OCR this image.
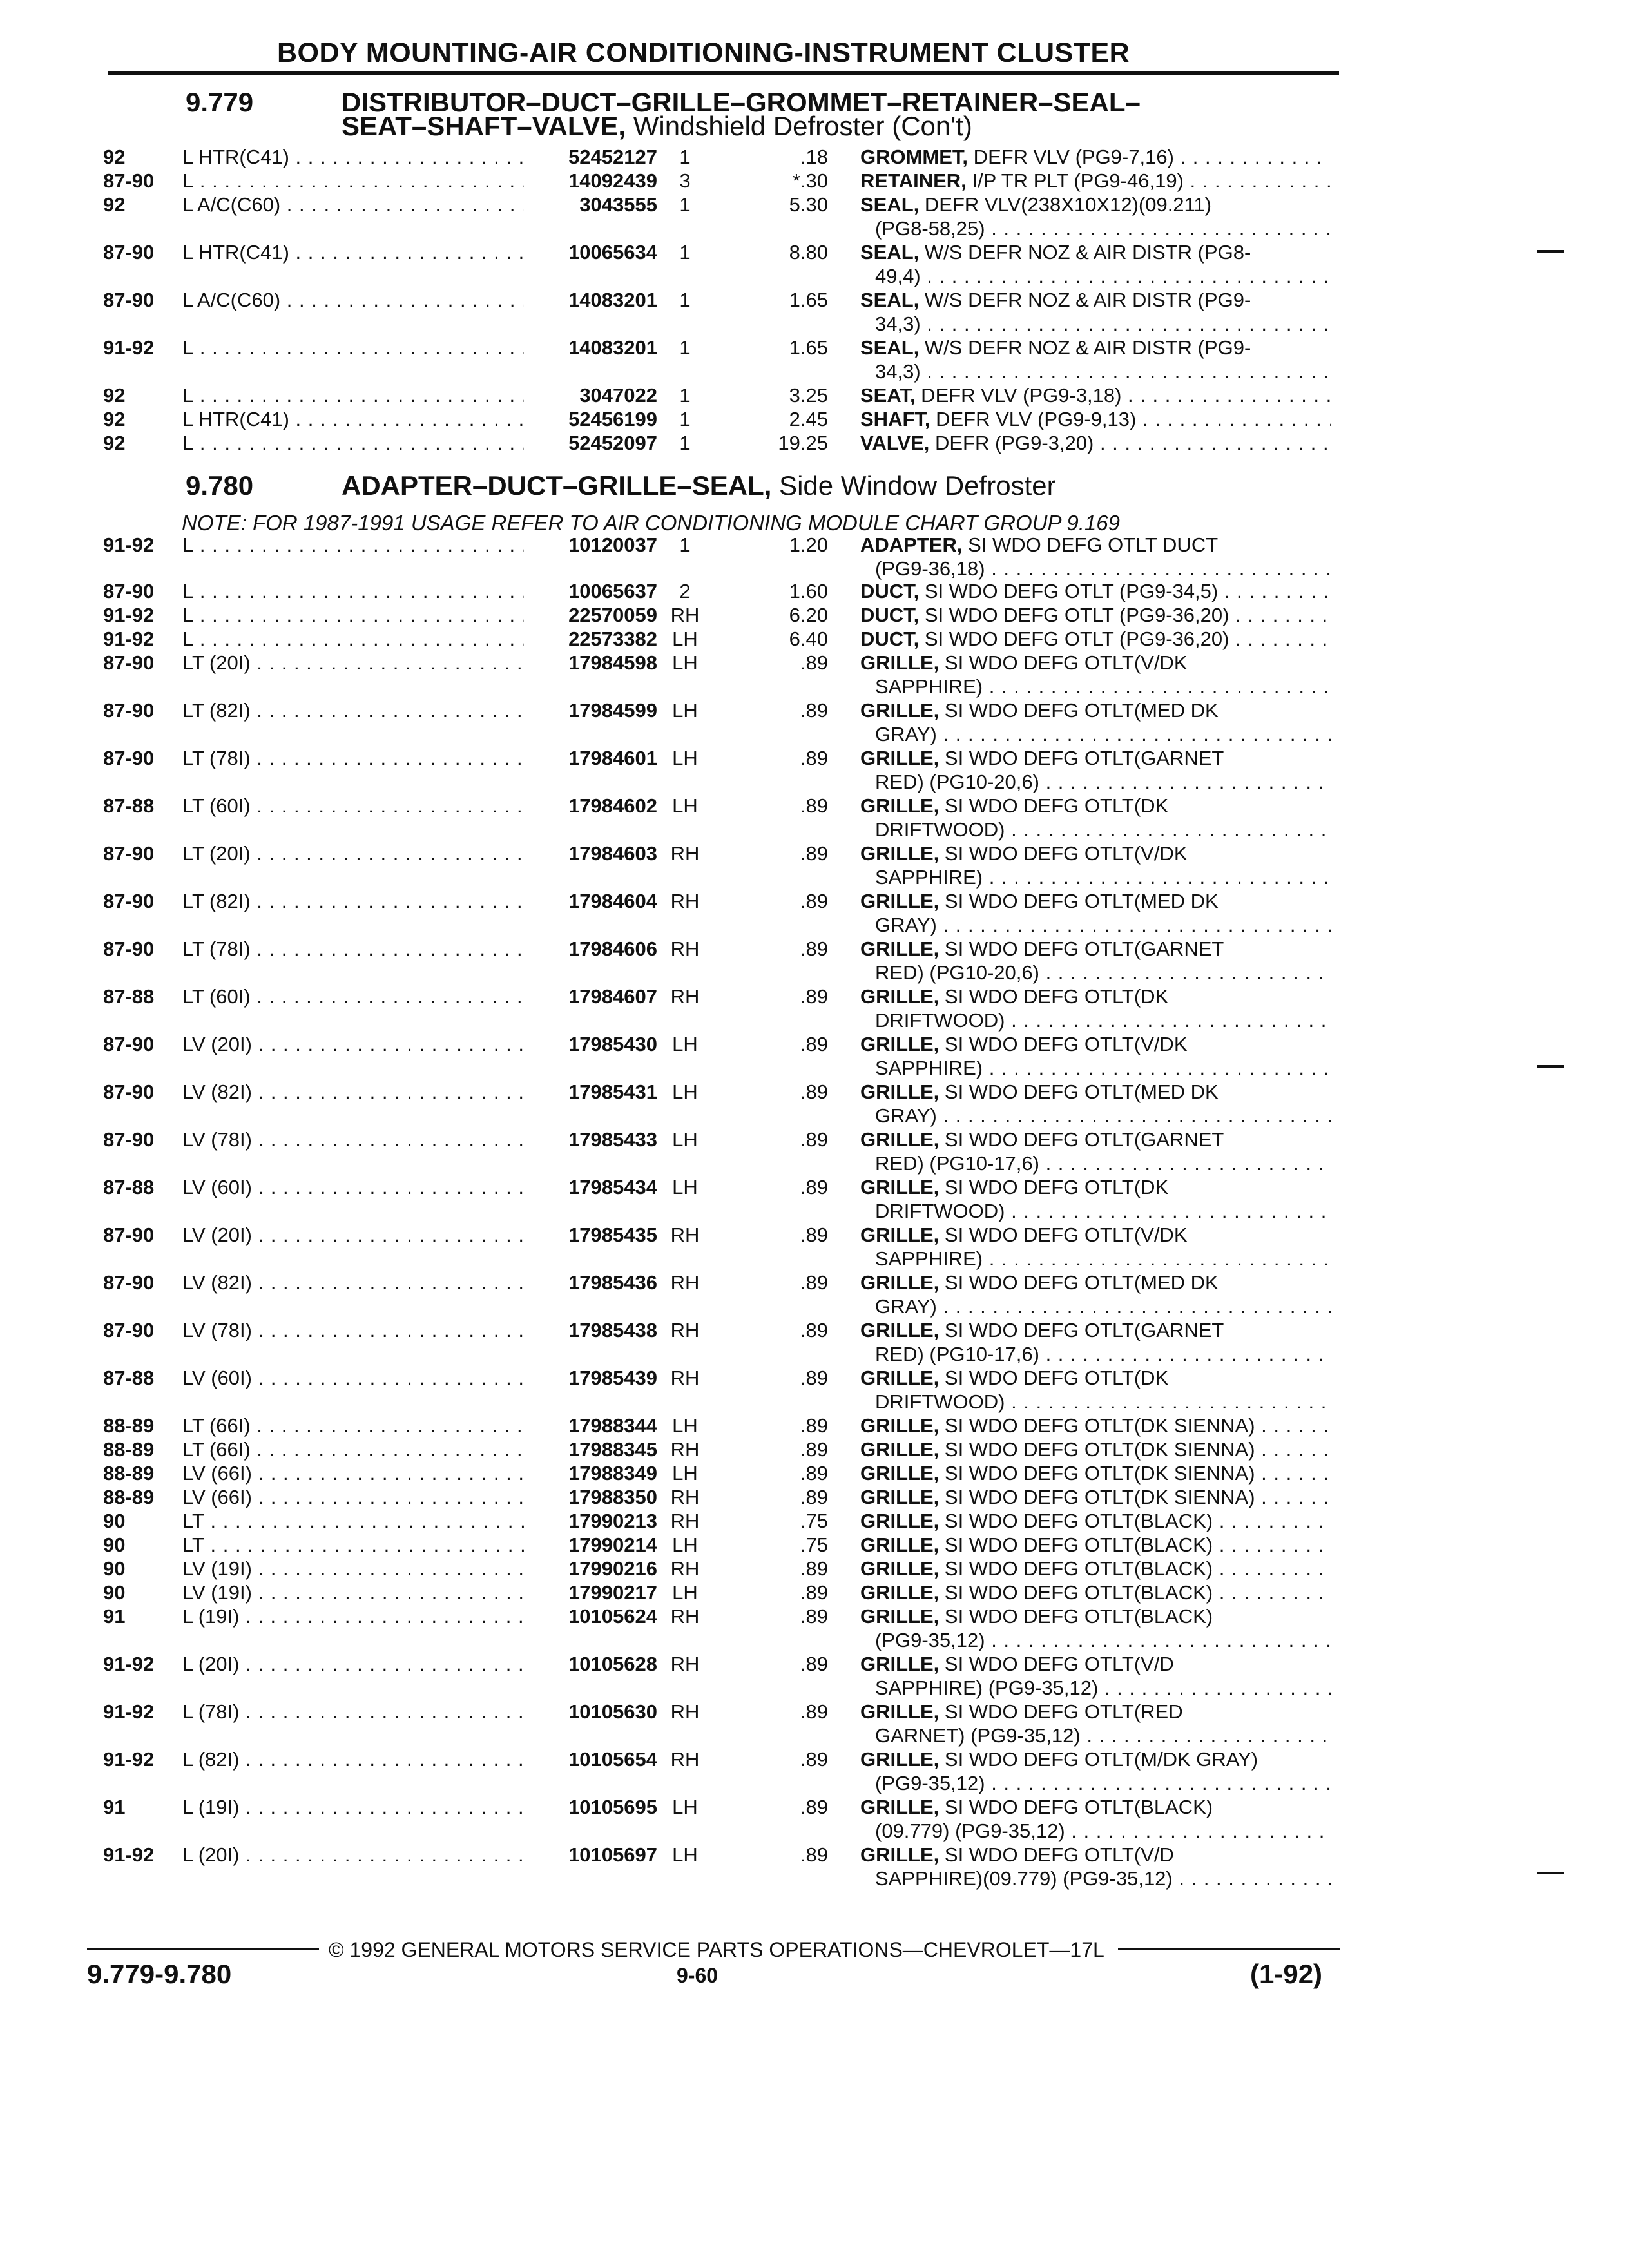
BODY MOUNTING-AIR CONDITIONING-INSTRUMENT CLUSTER
9.779	DISTRIBUTOR–DUCT–GRILLE–GROMMET–RETAINER–SEAL–
SEAT–SHAFT–VALVE, Windshield Defroster (Con't)
9.780	ADAPTER–DUCT–GRILLE–SEAL, Side Window Defroster
NOTE: FOR 1987-1991 USAGE REFER TO AIR CONDITIONING MODULE CHART GROUP 9.169
92	L HTR(C41) . . .	52452127	1	.18 GROMMET, DEFR VLV (PG9-7,16) . . .
87-90 L . . .	14092439	3	*.30 RETAINER, I/P TR PLT (PG9-46,19) . . .
92	L A/C(C60) . . .	3043555	1	5.30 SEAL, DEFR VLV(238X10X12)(09.211)
(PG8-58,25) . . .
87-90 L HTR(C41) . . .	10065634	1	8.80 SEAL, W/S DEFR NOZ & AIR DISTR (PG8-
49,4) . . .
87-90 L A/C(C60) . . .	14083201	1	1.65 SEAL, W/S DEFR NOZ & AIR DISTR (PG9-
34,3) . . .
91-92 L . . .	14083201	1	1.65 SEAL, W/S DEFR NOZ & AIR DISTR (PG9-
34,3) . . .
92	L . . .	3047022	1	3.25 SEAT, DEFR VLV (PG9-3,18) . . .
92	L HTR(C41) . . .	52456199	1	2.45 SHAFT, DEFR VLV (PG9-9,13) . . .
92	L . . .	52452097	1	19.25 VALVE, DEFR (PG9-3,20) . . .
91-92 L . . .	10120037	1	1.20 ADAPTER, SI WDO DEFG OTLT DUCT
(PG9-36,18) . . .
87-90 L . . .	10065637	2	1.60 DUCT, SI WDO DEFG OTLT (PG9-34,5) . . .
91-92 L . . .	22570059 RH	6.20 DUCT, SI WDO DEFG OTLT (PG9-36,20) . . .
91-92 L . . .	22573382 LH	6.40 DUCT, SI WDO DEFG OTLT (PG9-36,20) . . .
87-90 LT (20I) . . .	17984598 LH	.89 GRILLE, SI WDO DEFG OTLT(V/DK
SAPPHIRE) . . .
87-90 LT (82I) . . .	17984599 LH	.89 GRILLE, SI WDO DEFG OTLT(MED DK
GRAY) . . .
87-90 LT (78I) . . .	17984601 LH	.89 GRILLE, SI WDO DEFG OTLT(GARNET
RED) (PG10-20,6) . . .
87-88 LT (60I) . . .	17984602 LH	.89 GRILLE, SI WDO DEFG OTLT(DK
DRIFTWOOD) . . .
87-90 LT (20I) . . .	17984603 RH	.89 GRILLE, SI WDO DEFG OTLT(V/DK
SAPPHIRE) . . .
87-90 LT (82I) . . .	17984604 RH	.89 GRILLE, SI WDO DEFG OTLT(MED DK
GRAY) . . .
87-90 LT (78I) . . .	17984606 RH	.89 GRILLE, SI WDO DEFG OTLT(GARNET
RED) (PG10-20,6) . . .
87-88 LT (60I) . . .	17984607 RH	.89 GRILLE, SI WDO DEFG OTLT(DK
DRIFTWOOD) . . .
87-90 LV (20I) . . .	17985430 LH	.89 GRILLE, SI WDO DEFG OTLT(V/DK
SAPPHIRE) . . .
87-90 LV (82I) . . .	17985431 LH	.89 GRILLE, SI WDO DEFG OTLT(MED DK
GRAY) . . .
87-90 LV (78I) . . .	17985433 LH	.89 GRILLE, SI WDO DEFG OTLT(GARNET
RED) (PG10-17,6) . . .
87-88 LV (60I) . . .	17985434 LH	.89 GRILLE, SI WDO DEFG OTLT(DK
DRIFTWOOD) . . .
87-90 LV (20I) . . .	17985435 RH	.89 GRILLE, SI WDO DEFG OTLT(V/DK
SAPPHIRE) . . .
87-90 LV (82I) . . .	17985436 RH	.89 GRILLE, SI WDO DEFG OTLT(MED DK
GRAY) . . .
87-90 LV (78I) . . .	17985438 RH	.89 GRILLE, SI WDO DEFG OTLT(GARNET
RED) (PG10-17,6) . . .
87-88 LV (60I) . . .	17985439 RH	.89 GRILLE, SI WDO DEFG OTLT(DK
DRIFTWOOD) . . .
88-89 LT (66I) . . .	17988344 LH	.89 GRILLE, SI WDO DEFG OTLT(DK SIENNA) . . .
88-89 LT (66I) . . .	17988345 RH	.89 GRILLE, SI WDO DEFG OTLT(DK SIENNA) . . .
88-89 LV (66I) . . .	17988349 LH	.89 GRILLE, SI WDO DEFG OTLT(DK SIENNA) . . .
88-89 LV (66I) . . .	17988350 RH	.89 GRILLE, SI WDO DEFG OTLT(DK SIENNA) . . .
90	LT . . .	17990213 RH	.75 GRILLE, SI WDO DEFG OTLT(BLACK) . . .
90	LT . . .	17990214 LH	.75 GRILLE, SI WDO DEFG OTLT(BLACK) . . .
90	LV (19I) . . .	17990216 RH	.89 GRILLE, SI WDO DEFG OTLT(BLACK) . . .
90	LV (19I) . . .	17990217 LH	.89 GRILLE, SI WDO DEFG OTLT(BLACK) . . .
91	L (19I) . . .	10105624 RH	.89 GRILLE, SI WDO DEFG OTLT(BLACK)
(PG9-35,12) . . .
91-92 L (20I) . . .	10105628 RH	.89 GRILLE, SI WDO DEFG OTLT(V/D
SAPPHIRE) (PG9-35,12) . . .
91-92 L (78I) . . .	10105630 RH	.89 GRILLE, SI WDO DEFG OTLT(RED
GARNET) (PG9-35,12) . . .
91-92 L (82I) . . .	10105654 RH	.89 GRILLE, SI WDO DEFG OTLT(M/DK GRAY)
(PG9-35,12) . . .
91	L (19I) . . .	10105695 LH	.89 GRILLE, SI WDO DEFG OTLT(BLACK)
(09.779) (PG9-35,12) . . .
91-92 L (20I) . . .	10105697 LH	.89 GRILLE, SI WDO DEFG OTLT(V/D
SAPPHIRE)(09.779) (PG9-35,12) . . .
© 1992 GENERAL MOTORS SERVICE PARTS OPERATIONS—CHEVROLET—17L
9.779-9.780	9-60	(1-92)
